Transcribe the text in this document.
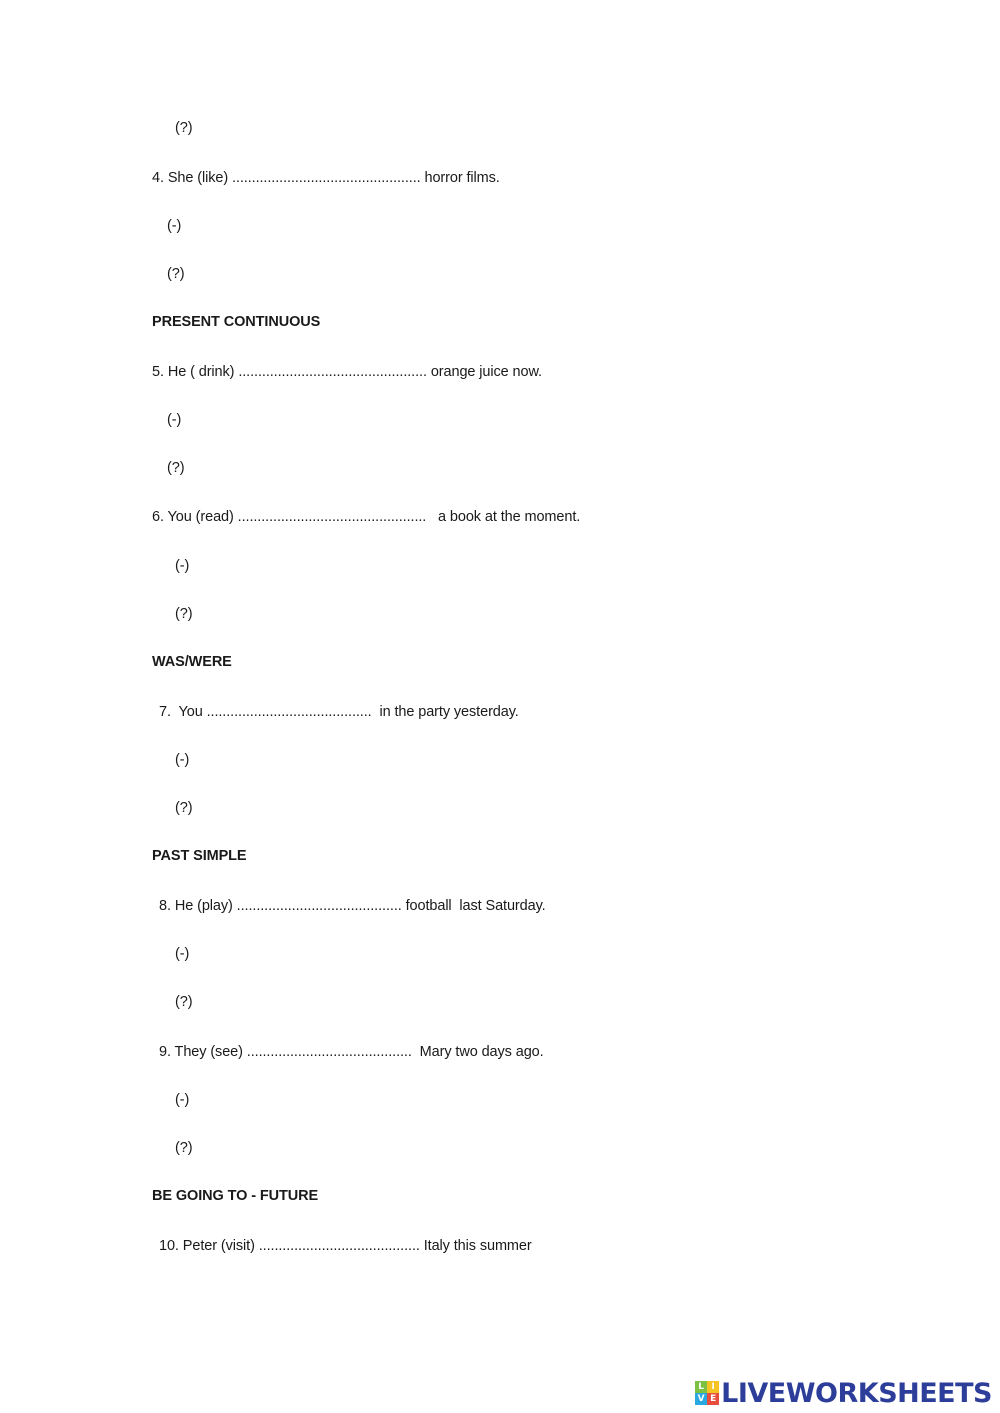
(?)
4. She (like) ................................................ horror films.
(-)
(?)
PRESENT CONTINUOUS
5. He ( drink) ................................................ orange juice now.
(-)
(?)
6. You (read) ................................................   a book at the moment.
(-)
(?)
WAS/WERE
7.  You ..........................................  in the party yesterday.
(-)
(?)
PAST SIMPLE
8. He (play) .......................................... football  last Saturday.
(-)
(?)
9. They (see) ..........................................  Mary two days ago.
(-)
(?)
BE GOING TO - FUTURE
10. Peter (visit) ......................................... Italy this summer
L I
V E LIVEWORKSHEETS
